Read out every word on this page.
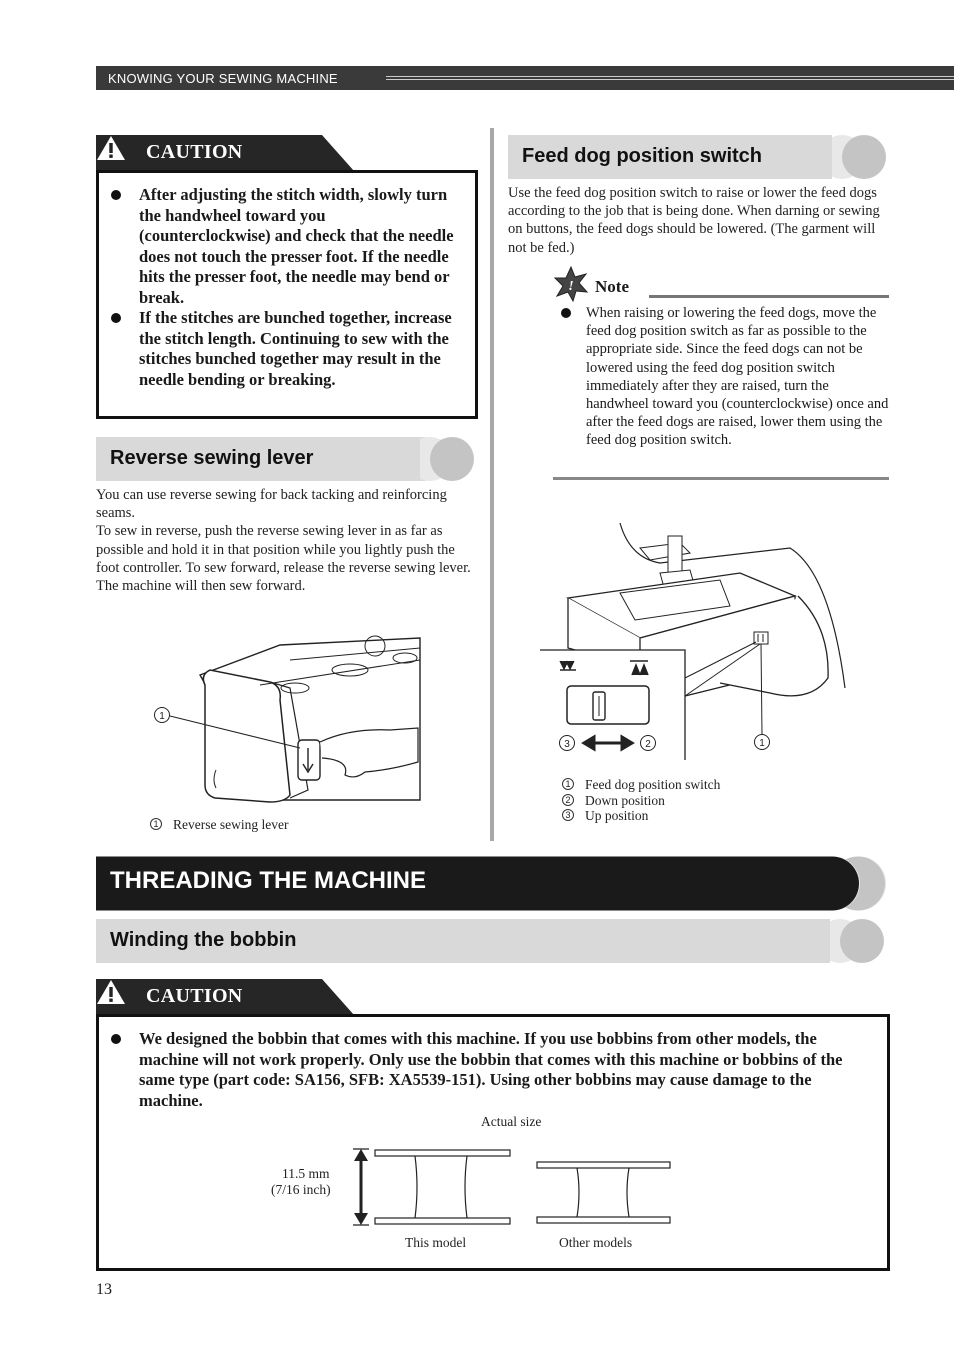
KNOWING YOUR SEWING MACHINE
CAUTION
After adjusting the stitch width, slowly turn the handwheel toward you (counterclockwise) and check that the needle does not touch the presser foot. If the needle hits the presser foot, the needle may bend or break.
If the stitches are bunched together, increase the stitch length. Continuing to sew with the stitches bunched together may result in the needle bending or breaking.
Reverse sewing lever
You can use reverse sewing for back tacking and reinforcing seams.
To sew in reverse, push the reverse sewing lever in as far as possible and hold it in that position while you lightly push the foot controller. To sew forward, release the reverse sewing lever. The machine will then sew forward.
1
1 Reverse sewing lever
Feed dog position switch
Use the feed dog position switch to raise or lower the feed dogs according to the job that is being done. When darning or sewing on buttons, the feed dogs should be lowered. (The garment will not be fed.)
! Note
When raising or lowering the feed dogs, move the feed dog position switch as far as possible to the appropriate side. Since the feed dogs can not be lowered using the feed dog position switch immediately after they are raised, turn the handwheel toward you (counterclockwise) once and after the feed dogs are raised, lower them using the feed dog position switch.
3	2	1
1 Feed dog position switch
2 Down position
3 Up position
THREADING THE MACHINE
Winding the bobbin
CAUTION
We designed the bobbin that comes with this machine. If you use bobbins from other models, the machine will not work properly. Only use the bobbin that comes with this machine or bobbins of the same type (part code: SA156, SFB: XA5539-151). Using other bobbins may cause damage to the machine.
Actual size
11.5 mm
(7/16 inch)
This model	Other models
13
